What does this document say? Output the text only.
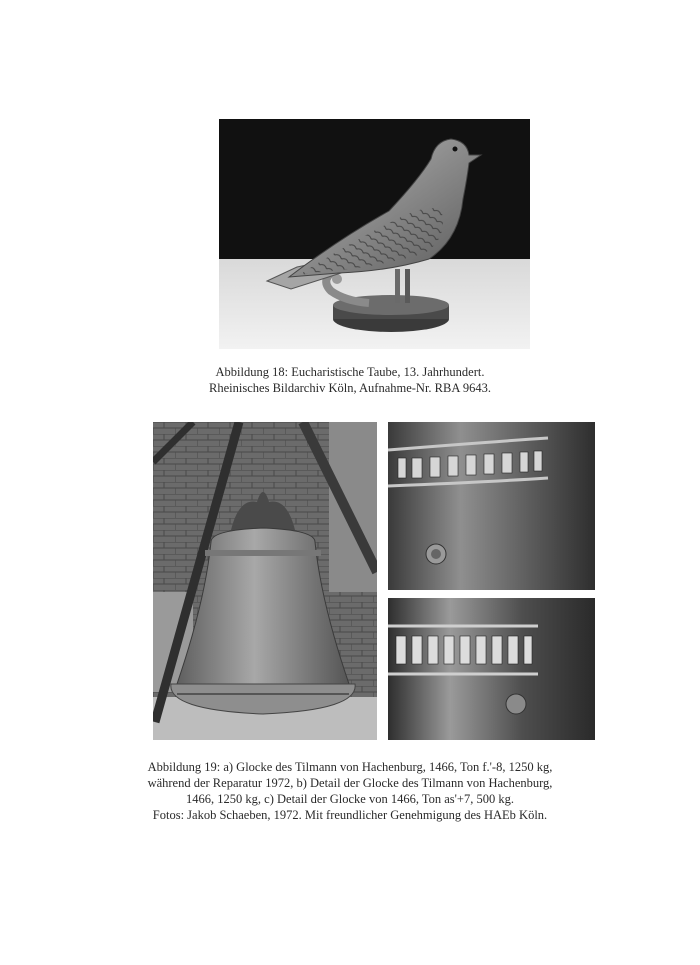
Abbildung 18: Eucharistische Taube, 13. Jahrhundert.
Rheinisches Bildarchiv Köln, Aufnahme-Nr. RBA 9643.
Abbildung 19: a) Glocke des Tilmann von Hachenburg, 1466, Ton f.'-8, 1250 kg,
während der Reparatur 1972, b) Detail der Glocke des Tilmann von Hachenburg,
1466, 1250 kg, c) Detail der Glocke von 1466, Ton as'+7, 500 kg.
Fotos: Jakob Schaeben, 1972. Mit freundlicher Genehmigung des HAEb Köln.
